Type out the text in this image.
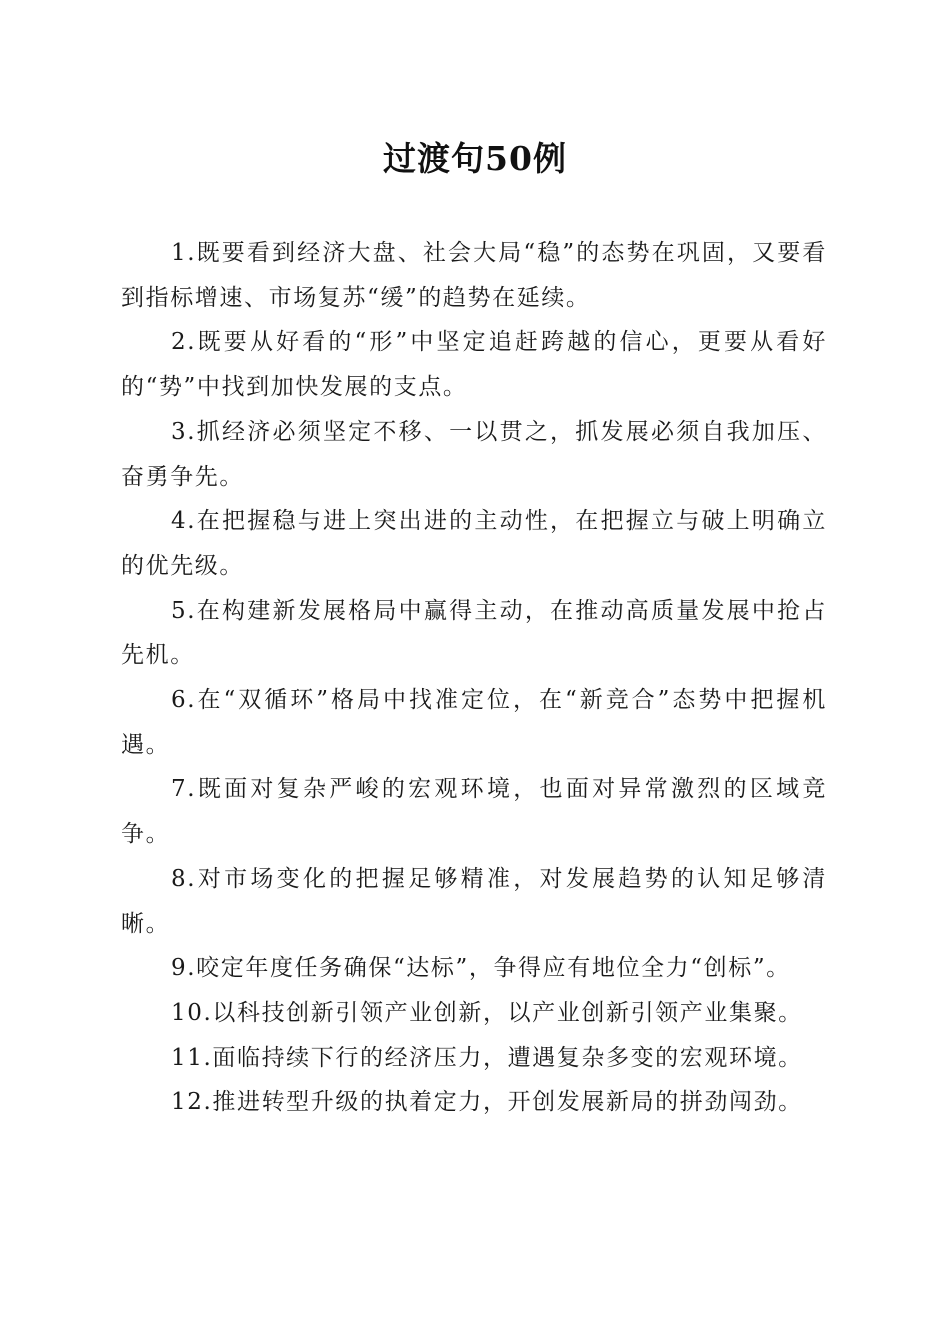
过渡句50例

1.既要看到经济大盘、社会大局“稳”的态势在巩固，又要看到指标增速、市场复苏“缓”的趋势在延续。

2.既要从好看的“形”中坚定追赶跨越的信心，更要从看好的“势”中找到加快发展的支点。

3.抓经济必须坚定不移、一以贯之，抓发展必须自我加压、奋勇争先。

4.在把握稳与进上突出进的主动性，在把握立与破上明确立的优先级。

5.在构建新发展格局中赢得主动，在推动高质量发展中抢占先机。

6.在“双循环”格局中找准定位，在“新竞合”态势中把握机遇。

7.既面对复杂严峻的宏观环境，也面对异常激烈的区域竞争。

8.对市场变化的把握足够精准，对发展趋势的认知足够清晰。

9.咬定年度任务确保“达标”，争得应有地位全力“创标”。

10.以科技创新引领产业创新，以产业创新引领产业集聚。

11.面临持续下行的经济压力，遭遇复杂多变的宏观环境。

12.推进转型升级的执着定力，开创发展新局的拼劲闯劲。
